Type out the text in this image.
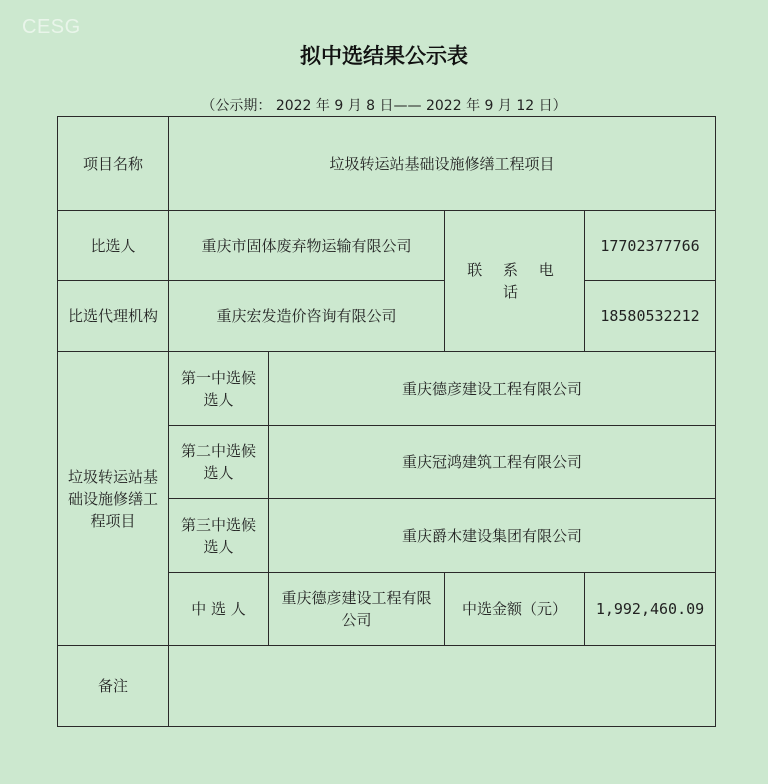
CESG
拟中选结果公示表
（公示期： 2022 年 9 月 8 日—— 2022 年 9 月 12 日）
项目名称	垃圾转运站基础设施修缮工程项目			
比选人	重庆市固体废弃物运输有限公司		联 系 电 话	17702377766
比选代理机构	重庆宏发造价咨询有限公司			18580532212
垃圾转运站基础设施修缮工程项目	第一中选候选人	重庆德彦建设工程有限公司		
	第二中选候选人	重庆冠鸿建筑工程有限公司		
	第三中选候选人	重庆爵木建设集团有限公司		
	中 选 人	重庆德彦建设工程有限公司	中选金额（元）	1,992,460.09
备注				
